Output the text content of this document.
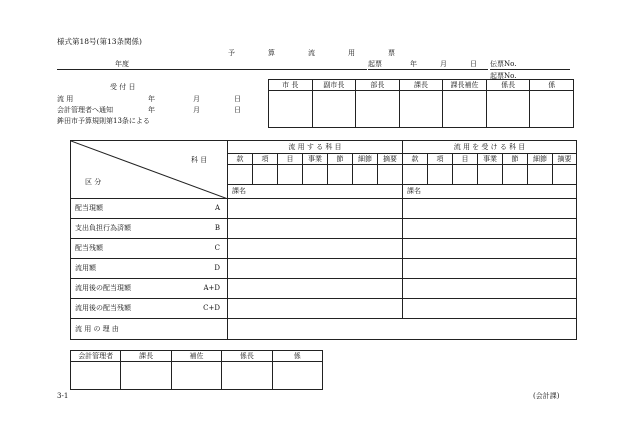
様式第18号(第13条関係)
予	算	流	用	票
年度	起票	年	月	日 伝票No.
起票No.
受 付 日
流 用	年	月	日
会計管理者へ通知	年	月	日
鉾田市予算規則第13条による
市 長	副市長	部長	課長	課長補佐	係長	係

科 目
区 分	流 用 す る 科 目							流 用 を 受 け る 科 目						
	款	項	目	事業	節	細節	摘要	款	項	目	事業	節	細節	摘要

	課名							課名						

配当現額 A														

支出負担行為済額 B														

配当残額 C														

流用額 D														

流用後の配当現額 A+D														

流用後の配当残額 C+D														

流 用 の 理 由														
会計管理者	課長	補佐	係長	係

3-1	(会計課)
